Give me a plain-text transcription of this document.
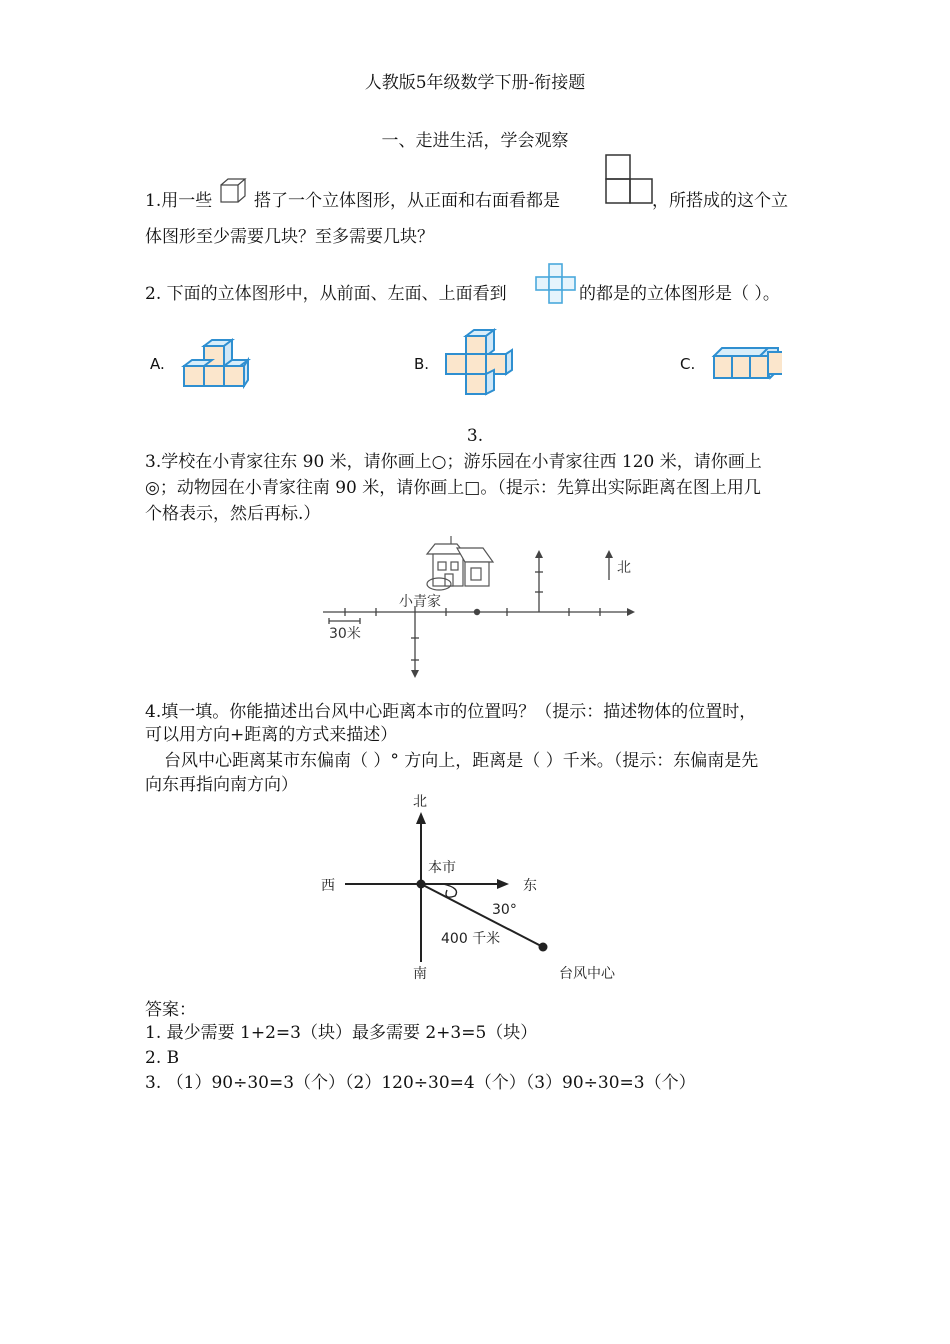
人教版5年级数学下册-衔接题
一、走进生活，学会观察
1.用一些 搭了一个立体图形，从正面和右面看都是	，所搭成的这个立
体图形至少需要几块？至多需要几块？
2. 下面的立体图形中，从前面、左面、上面看到	的都是的立体图形是（ ）。
A.	B.	C.
3.
3.学校在小青家往东 90 米，请你画上○；游乐园在小青家往西 120 米，请你画上
◎；动物园在小青家往南 90 米，请你画上□。（提示：先算出实际距离在图上用几
个格表示，然后再标.）
小青家
30米
北
4.填一填。你能描述出台风中心距离本市的位置吗？（提示：描述物体的位置时，
可以用方向+距离的方式来描述）
台风中心距离某市东偏南（ ）° 方向上，距离是（ ）千米。（提示：东偏南是先
向东再指向南方向）
北
南
东
西
本市
30°
400 千米
台风中心
答案：
1. 最少需要 1+2=3（块）最多需要 2+3=5（块）
2. B
3. （1）90÷30=3（个）（2）120÷30=4（个）（3）90÷30=3（个）
